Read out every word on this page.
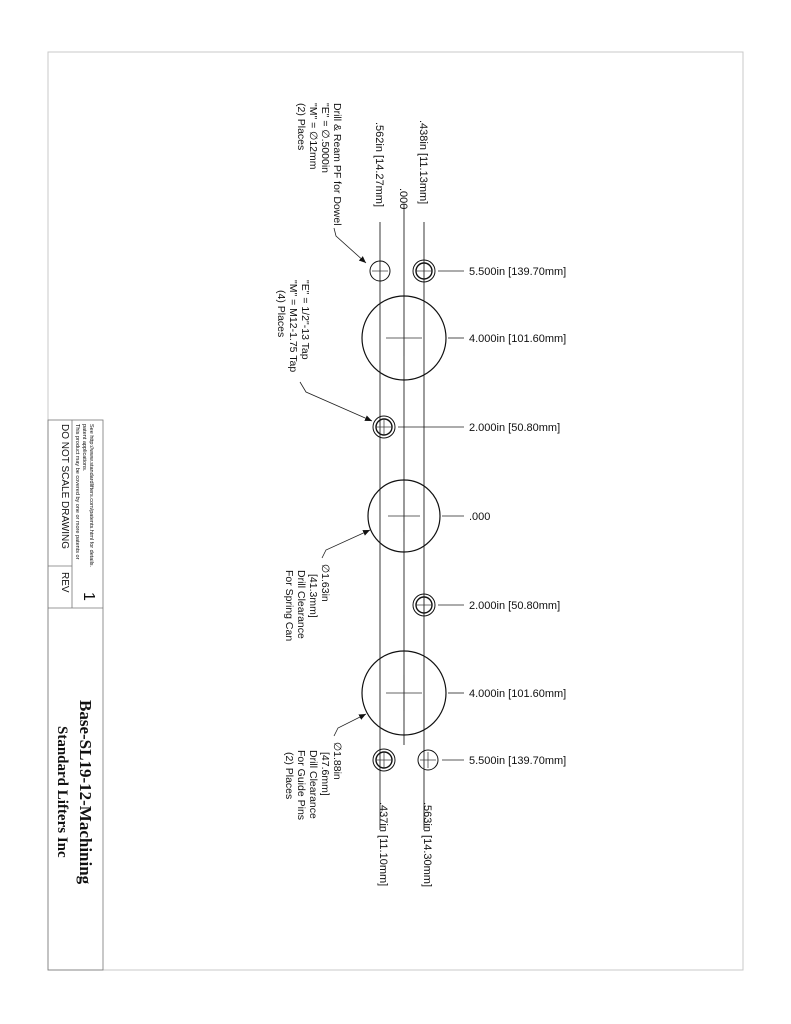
DO NOT SCALE DRAWING This product may be covered by one or more patents or patent applications. See http://www.standardlifters.com/patents.html for details.
REV
1
Base-SL19-12-Machining
Standard Lifters Inc
5.500in [139.70mm]
4.000in [101.60mm]
2.000in [50.80mm]
.000
2.000in [50.80mm]
4.000in [101.60mm]
5.500in [139.70mm]
.438in [11.13mm]
.000
.562in [14.27mm]
.563in [14.30mm]
.437in [11.10mm]
Drill & Ream PF for Dowel
"E" = ∅.5000in
"M" = ∅12mm
(2) Places
"E" = 1/2"-13 Tap
"M" = M12-1.75 Tap
(4) Places
∅1.63in
[41.3mm]
Drill Clearance
For Spring Can
∅1.88in
[47.6mm]
Drill Clearance
For Guide Pins
(2) Places
